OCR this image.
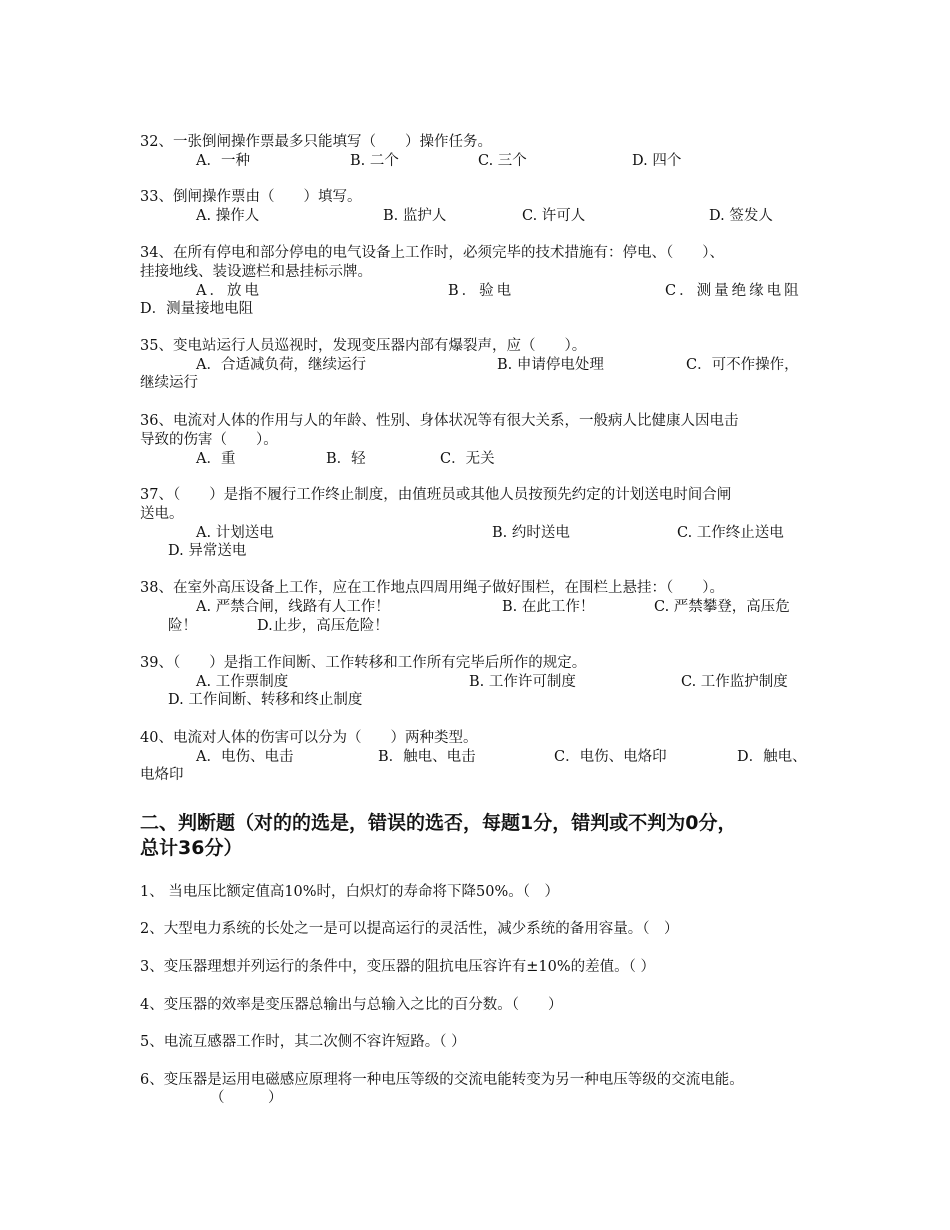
32、一张倒闸操作票最多只能填写（　　）操作任务。
A．一种	B. 二个	C. 三个	D. 四个
33、倒闸操作票由（　　）填写。
A. 操作人	B. 监护人	C. 许可人	D. 签发人
34、在所有停电和部分停电的电气设备上工作时，必须完毕的技术措施有：停电、（　　）、
挂接地线、装设遮栏和悬挂标示牌。
A．放电	B．验电	C．测量绝缘电阻
D．测量接地电阻
35、变电站运行人员巡视时，发现变压器内部有爆裂声，应（　　）。
A．合适减负荷，继续运行	B. 申请停电处理	C．可不作操作，
继续运行
36、电流对人体的作用与人的年龄、性别、身体状况等有很大关系，一般病人比健康人因电击
导致的伤害（　　）。
A．重	B．轻	C．无关
37、（　　）是指不履行工作终止制度，由值班员或其他人员按预先约定的计划送电时间合闸
送电。
A. 计划送电	B. 约时送电	C. 工作终止送电
D. 异常送电
38、在室外高压设备上工作，应在工作地点四周用绳子做好围栏，在围栏上悬挂：（　　）。
A. 严禁合闸，线路有人工作！	B. 在此工作！	C. 严禁攀登，高压危
险！	D.止步，高压危险！
39、（　　）是指工作间断、工作转移和工作所有完毕后所作的规定。
A. 工作票制度	B. 工作许可制度	C. 工作监护制度
D. 工作间断、转移和终止制度
40、电流对人体的伤害可以分为（　　）两种类型。
A．电伤、电击	B．触电、电击	C．电伤、电烙印	D．触电、
电烙印
二、判断题（对的的选是，错误的选否，每题1分，错判或不判为0分，
总计36分）
1、 当电压比额定值高10%时，白炽灯的寿命将下降50%。（　）
2、大型电力系统的长处之一是可以提高运行的灵活性，减少系统的备用容量。（　）
3、变压器理想并列运行的条件中，变压器的阻抗电压容许有±10%的差值。（ ）
4、变压器的效率是变压器总输出与总输入之比的百分数。（　　）
5、电流互感器工作时，其二次侧不容许短路。（ ）
6、变压器是运用电磁感应原理将一种电压等级的交流电能转变为另一种电压等级的交流电能。
（　　　）
